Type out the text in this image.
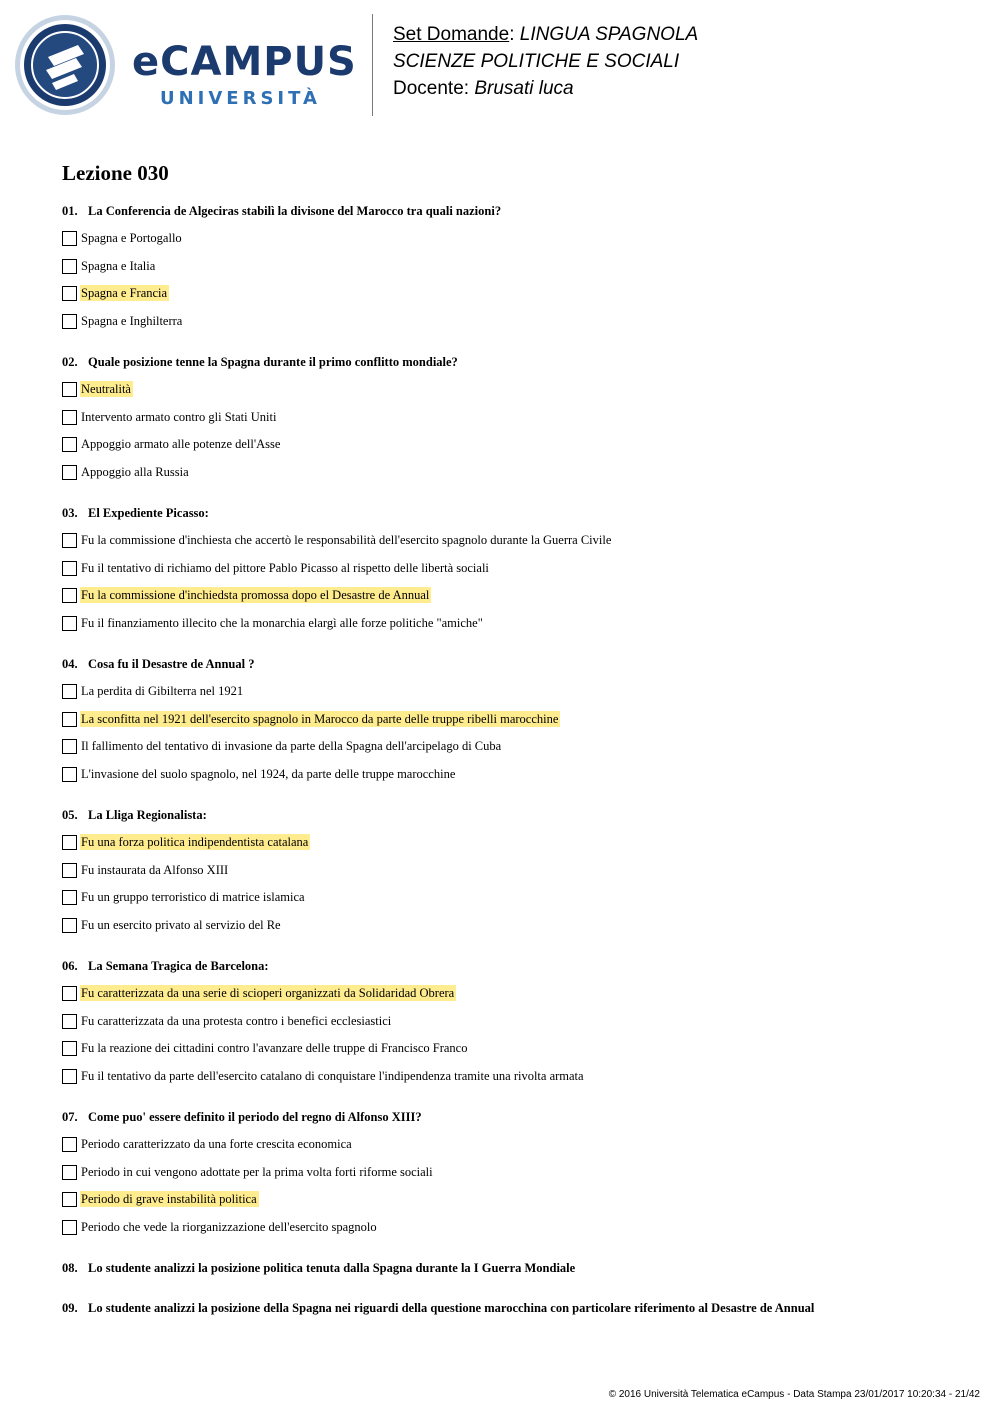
eCAMPUS
UNIVERSITÀ
Set Domande: LINGUA SPAGNOLA
SCIENZE POLITICHE E SOCIALI
Docente: Brusati luca
Lezione 030
01. La Conferencia de Algeciras stabilì la divisone del Marocco tra quali nazioni?
Spagna e Portogallo
Spagna e Italia
Spagna e Francia
Spagna e Inghilterra
02. Quale posizione tenne la Spagna durante il primo conflitto mondiale?
Neutralità
Intervento armato contro gli Stati Uniti
Appoggio armato alle potenze dell'Asse
Appoggio alla Russia
03. El Expediente Picasso:
Fu la commissione d'inchiesta che accertò le responsabilità dell'esercito spagnolo durante la Guerra Civile
Fu il tentativo di richiamo del pittore Pablo Picasso al rispetto delle libertà sociali
Fu la commissione d'inchiedsta promossa dopo el Desastre de Annual
Fu il finanziamento illecito che la monarchia elargì alle forze politiche "amiche"
04. Cosa fu il Desastre de Annual ?
La perdita di Gibilterra nel 1921
La sconfitta nel 1921 dell'esercito spagnolo in Marocco da parte delle truppe ribelli marocchine
Il fallimento del tentativo di invasione da parte della Spagna dell'arcipelago di Cuba
L'invasione del suolo spagnolo, nel 1924, da parte delle truppe marocchine
05. La Lliga Regionalista:
Fu una forza politica indipendentista catalana
Fu instaurata da Alfonso XIII
Fu un gruppo terroristico di matrice islamica
Fu un esercito privato al servizio del Re
06. La Semana Tragica de Barcelona:
Fu caratterizzata da una serie di scioperi organizzati da Solidaridad Obrera
Fu caratterizzata da una protesta contro i benefici ecclesiastici
Fu la reazione dei cittadini contro l'avanzare delle truppe di Francisco Franco
Fu il tentativo da parte dell'esercito catalano di conquistare l'indipendenza tramite una rivolta armata
07. Come puo' essere definito il periodo del regno di Alfonso XIII?
Periodo caratterizzato da una forte crescita economica
Periodo in cui vengono adottate per la prima volta forti riforme sociali
Periodo di grave instabilità politica
Periodo che vede la riorganizzazione dell'esercito spagnolo
08. Lo studente analizzi la posizione politica tenuta dalla Spagna durante la I Guerra Mondiale
09. Lo studente analizzi la posizione della Spagna nei riguardi della questione marocchina con particolare riferimento al Desastre de Annual
© 2016 Università Telematica eCampus - Data Stampa 23/01/2017 10:20:34 - 21/42
